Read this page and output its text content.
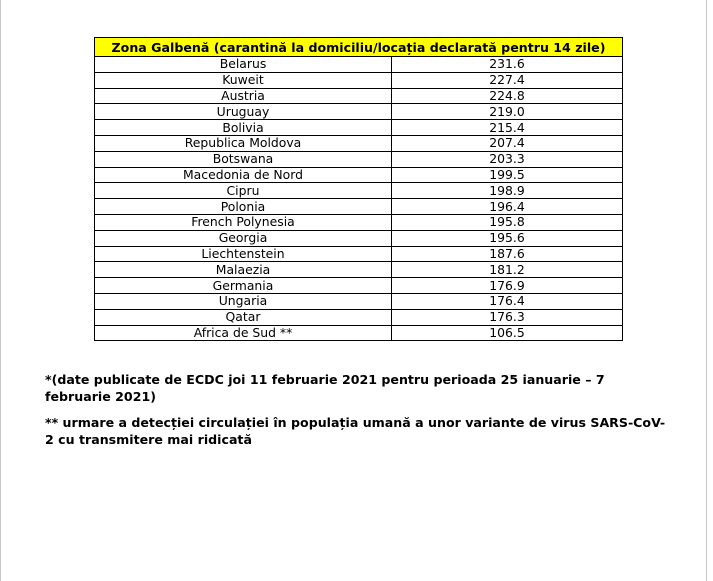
Zona Galbenă (carantină la domiciliu/locația declarată pentru 14 zile)	
Belarus	231.6
Kuweit	227.4
Austria	224.8
Uruguay	219.0
Bolivia	215.4
Republica Moldova	207.4
Botswana	203.3
Macedonia de Nord	199.5
Cipru	198.9
Polonia	196.4
French Polynesia	195.8
Georgia	195.6
Liechtenstein	187.6
Malaezia	181.2
Germania	176.9
Ungaria	176.4
Qatar	176.3
Africa de Sud **	106.5
*(date publicate de ECDC joi 11 februarie 2021 pentru perioada 25 ianuarie – 7 februarie 2021)
** urmare a detecției circulației în populația umană a unor variante de virus SARS-CoV-2 cu transmitere mai ridicată
